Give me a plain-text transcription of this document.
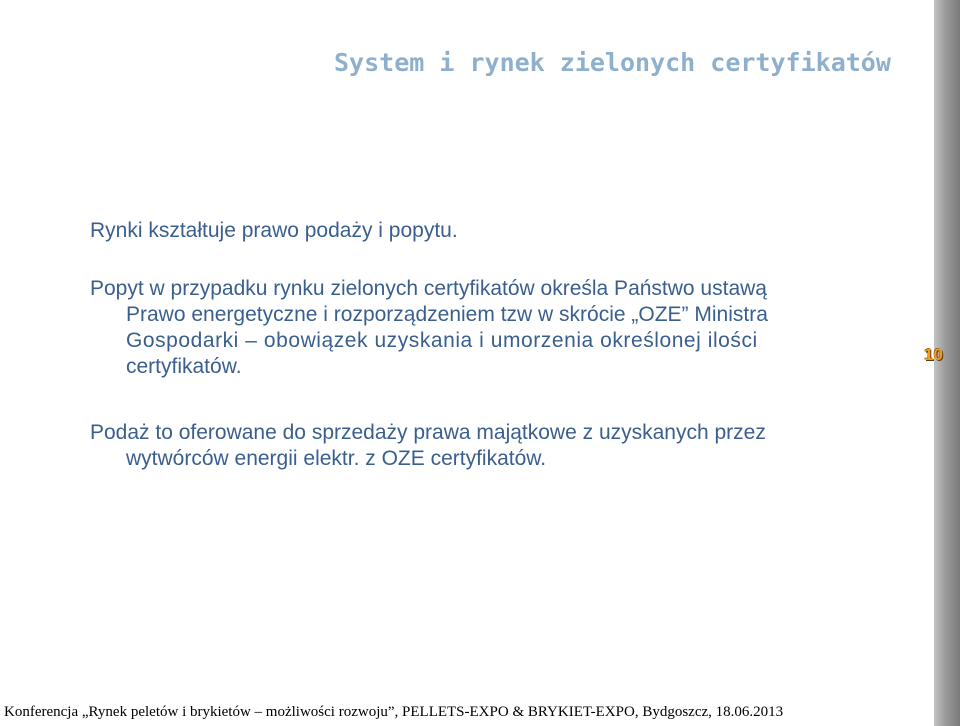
System i rynek zielonych certyfikatów
Rynki kształtuje prawo podaży i popytu.
Popyt w przypadku rynku zielonych certyfikatów określa Państwo ustawą
Prawo energetyczne i rozporządzeniem tzw w skrócie „OZE” Ministra
Gospodarki – obowiązek uzyskania i umorzenia określonej ilości
certyfikatów.
Podaż to oferowane do sprzedaży prawa majątkowe z uzyskanych przez
wytwórców energii elektr. z OZE certyfikatów.
10
Konferencja „Rynek peletów i brykietów – możliwości rozwoju”, PELLETS-EXPO & BRYKIET-EXPO, Bydgoszcz, 18.06.2013
